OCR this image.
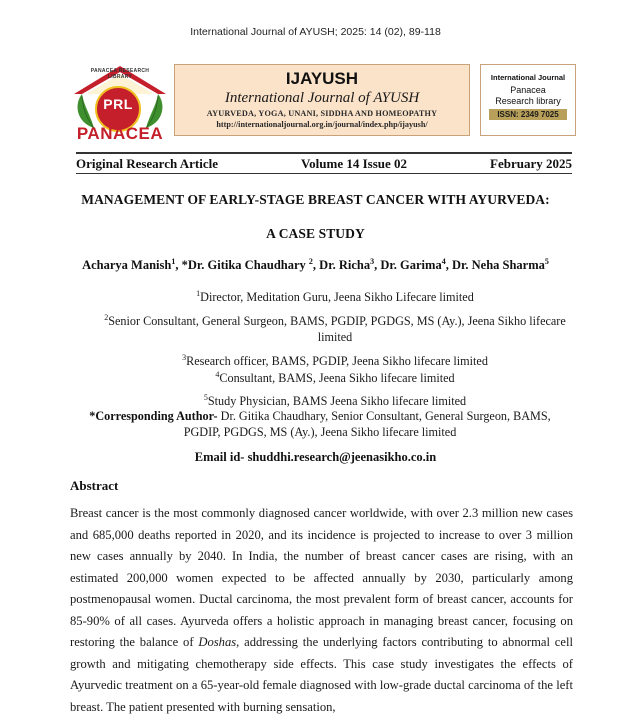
International Journal of AYUSH; 2025: 14 (02), 89-118
PANACEA RESEARCH LIBRARY
PRL
PANACEA
IJAYUSH
International Journal of AYUSH
AYURVEDA, YOGA, UNANI, SIDDHA AND HOMEOPATHY
http://internationaljournal.org.in/journal/index.php/ijayush/
International Journal
Panacea
Research library
ISSN: 2349 7025
Original Research Article	Volume 14 Issue 02	February 2025
MANAGEMENT OF EARLY-STAGE BREAST CANCER WITH AYURVEDA:
A CASE STUDY
Acharya Manish$^1$, *Dr. Gitika Chaudhary $^2$, Dr. Richa$^3$, Dr. Garima$^4$, Dr. Neha Sharma$^5$
$^1$Director, Meditation Guru, Jeena Sikho Lifecare limited
$^2$Senior Consultant, General Surgeon, BAMS, PGDIP, PGDGS, MS (Ay.), Jeena Sikho lifecare limited
$^3$Research officer, BAMS, PGDIP, Jeena Sikho lifecare limited
$^4$Consultant, BAMS, Jeena Sikho lifecare limited
$^5$Study Physician, BAMS Jeena Sikho lifecare limited
*Corresponding Author- Dr. Gitika Chaudhary, Senior Consultant, General Surgeon, BAMS, PGDIP, PGDGS, MS (Ay.), Jeena Sikho lifecare limited
Email id- shuddhi.research@jeenasikho.co.in
Abstract

Breast cancer is the most commonly diagnosed cancer worldwide, with over 2.3 million new cases and 685,000 deaths reported in 2020, and its incidence is projected to increase to over 3 million new cases annually by 2040. In India, the number of breast cancer cases are rising, with an estimated 200,000 women expected to be affected annually by 2030, particularly among postmenopausal women. Ductal carcinoma, the most prevalent form of breast cancer, accounts for 85-90% of all cases. Ayurveda offers a holistic approach in managing breast cancer, focusing on restoring the balance of Doshas, addressing the underlying factors contributing to abnormal cell growth and mitigating chemotherapy side effects. This case study investigates the effects of Ayurvedic treatment on a 65-year-old female diagnosed with low-grade ductal carcinoma of the left breast. The patient presented with burning sensation,
